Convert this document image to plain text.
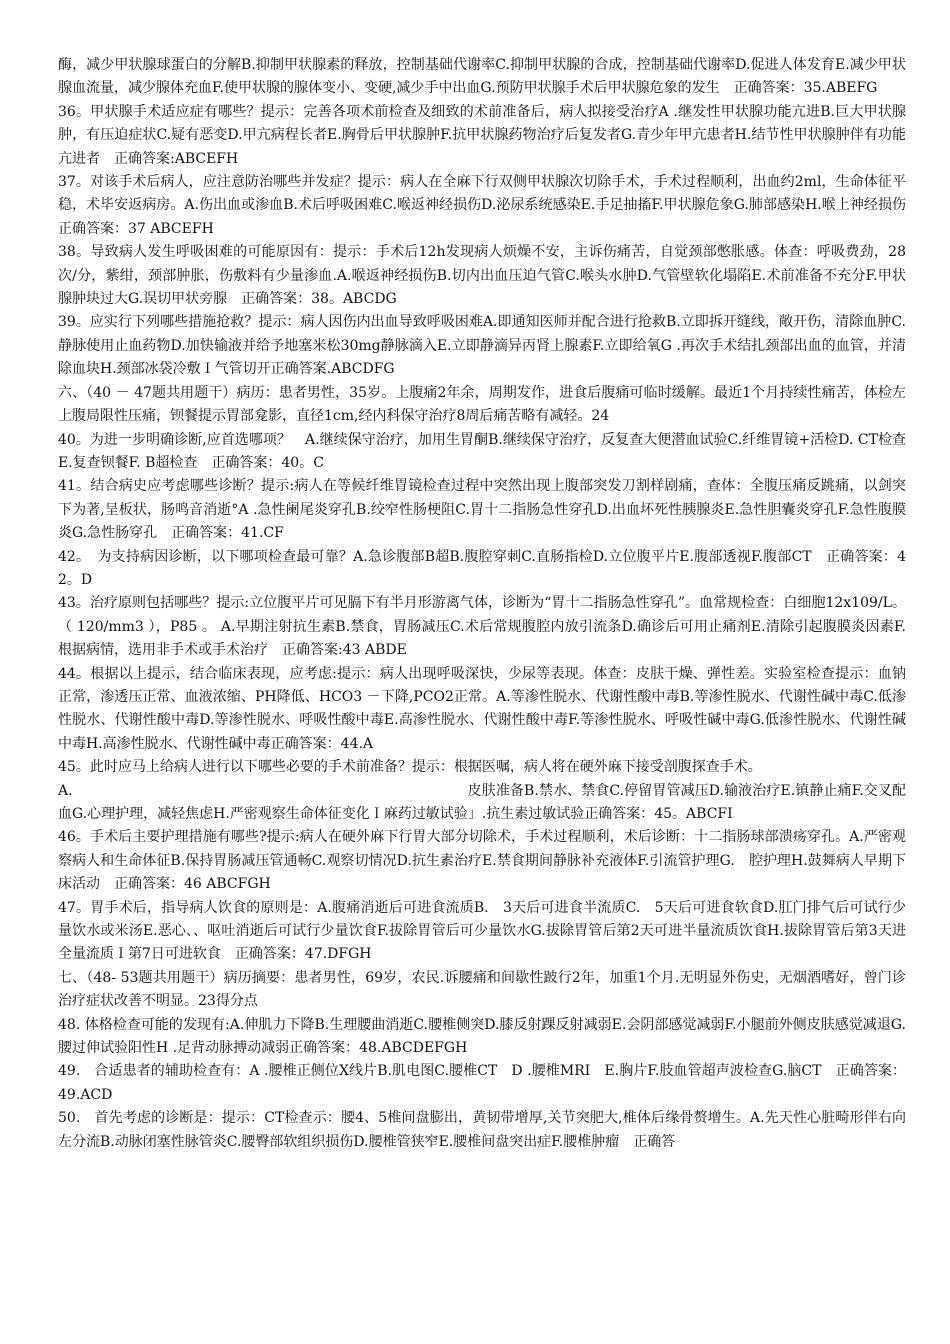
酶，减少甲状腺球蛋白的分解B.抑制甲状腺素的释放，控制基础代谢率C.抑制甲状腺的合成，控制基础代谢率D.促进人体发育E.减少甲状腺血流量，减少腺体充血F.使甲状腺的腺体变小、变硬,减少手中出血G.预防甲状腺手术后甲状腺危象的发生　正确答案：35.ABEFG

36。甲状腺手术适应症有哪些？提示：完善各项术前检查及细致的术前准备后，病人拟接受治疗A .继发性甲状腺功能亢进B.巨大甲状腺肿，有压迫症状C.疑有恶变D.甲亢病程长者E.胸骨后甲状腺肿F.抗甲状腺药物治疗后复发者G.青少年甲亢患者H.结节性甲状腺肿伴有功能亢进者　正确答案:ABCEFH

37。对该手术后病人，应注意防治哪些并发症？提示：病人在全麻下行双侧甲状腺次切除手术，手术过程顺利，出血约2ml，生命体征平稳，术毕安返病房。A.伤出血或渗血B.术后呼吸困难C.喉返神经损伤D.泌尿系统感染E.手足抽搐F.甲状腺危象G.肺部感染H.喉上神经损伤　正确答案：37 ABCEFH

38。导致病人发生呼吸困难的可能原因有：提示：手术后12h发现病人烦燥不安，主诉伤痛苦，自觉颈部憋胀感。体查：呼吸费劲，28次/分，紫绀，颈部肿胀，伤敷料有少量渗血.A.喉返神经损伤B.切内出血压迫气管C.喉头水肿D.气管壁软化塌陷E.术前准备不充分F.甲状腺肿块过大G.误切甲状旁腺　正确答案：38。ABCDG

39。应实行下列哪些措施抢救？提示：病人因伤内出血导致呼吸困难A.即通知医师并配合进行抢救B.立即拆开缝线，敞开伤，清除血肿C.静脉使用止血药物D.加快输液并给予地塞米松30mg静脉滴入E.立即静滴异丙肾上腺素F.立即给氧G .再次手术结扎颈部出血的血管，并清除血块H.颈部冰袋冷敷Ｉ气管切开正确答案.ABCDFG

六、（40 － 47题共用题干）病历：患者男性，35岁。上腹痛2年余，周期发作，进食后腹痛可临时缓解。最近1个月持续性痛苦，体检左上腹局限性压痛，钡餐提示胃部龛影，直径1cm,经内科保守治疗8周后痛苦略有减轻。24

40。为进一步明确诊断,应首选哪项？　A.继续保守治疗，加用生胃酮B.继续保守治疗，反复查大便潜血试验C.纤维胃镜+活检D. CT检查E.复查钡餐F. B超检查　正确答案：40。C

41。结合病史应考虑哪些诊断？提示:病人在等候纤维胃镜检查过程中突然出现上腹部突发刀割样剧痛，查体：全腹压痛反跳痛，以剑突下为著,呈板状，肠鸣音消逝°A .急性阑尾炎穿孔B.绞窄性肠梗阻C.胃十二指肠急性穿孔D.出血坏死性胰腺炎E.急性胆囊炎穿孔F.急性腹膜炎G.急性肠穿孔　正确答案：41.CF

42。　为支持病因诊断，以下哪项检查最可靠？A.急诊腹部B超B.腹腔穿刺C.直肠指检D.立位腹平片E.腹部透视F.腹部CT　正确答案：42。D

43。治疗原则包括哪些？提示:立位腹平片可见膈下有半月形游离气体，诊断为“胃十二指肠急性穿孔”。血常规检查：白细胞12x109/L。（ 120/mm3 ），P85 。 A.早期注射抗生素B.禁食，胃肠减压C.术后常规腹腔内放引流条D.确诊后可用止痛剂E.清除引起腹膜炎因素F.根据病情，选用非手术或手术治疗　正确答案:43 ABDE

44。根据以上提示，结合临床表现，应考虑:提示：病人出现呼吸深快，少尿等表现。体查：皮肤干燥、弹性差。实验室检查提示：血钠正常，渗透压正常、血液浓缩、PH降低、HCO3 －下降,PCO2正常。A.等渗性脱水、代谢性酸中毒B.等渗性脱水、代谢性碱中毒C.低渗性脱水、代谢性酸中毒D.等渗性脱水、呼吸性酸中毒E.高渗性脱水、代谢性酸中毒F.等渗性脱水、呼吸性碱中毒G.低渗性脱水、代谢性碱中毒H.高渗性脱水、代谢性碱中毒正确答案：44.A

45。此时应马上给病人进行以下哪些必要的手术前准备？提示：根据医嘱，病人将在硬外麻下接受剖腹探查手术。

A.　　　　　　　　　　　　　　　　　　　　　　　　　　　　皮肤准备B.禁水、禁食C.停留胃管减压D.输液治疗E.镇静止痛F.交叉配血G.心理护理，减轻焦虑H.严密观察生命体征变化Ｉ麻药过敏试验」.抗生素过敏试验正确答案：45。ABCFI

46。手术后主要护理措施有哪些?提示:病人在硬外麻下行胃大部分切除术，手术过程顺利，术后诊断：十二指肠球部溃疡穿孔。A.严密观察病人和生命体征B.保持胃肠减压管通畅C.观察切情况D.抗生素治疗E.禁食期间静脉补充液体F.引流管护理G.　腔护理H.鼓舞病人早期下床活动　正确答案：46 ABCFGH

47。胃手术后，指导病人饮食的原则是：A.腹痛消逝后可进食流质B.　3天后可进食半流质C.　5天后可进食软食D.肛门排气后可试行少量饮水或米汤E.恶心、、呕吐消逝后可试行少量饮食F.拔除胃管后可少量饮水G.拔除胃管后第2天可进半量流质饮食H.拔除胃管后第3天进全量流质Ｉ第7日可进软食　正确答案：47.DFGH

七、（48- 53题共用题干）病历摘要：患者男性，69岁，农民.诉腰痛和间歇性跛行2年，加重1个月.无明显外伤史，无烟酒嗜好，曾门诊治疗症状改善不明显。23得分点

48. 体格检查可能的发现有:A.伸肌力下降B.生理腰曲消逝C.腰椎侧突D.膝反射踝反射减弱E.会阴部感觉减弱F.小腿前外侧皮肤感觉减退G.腰过伸试验阳性H .足背动脉搏动减弱正确答案：48.ABCDEFGH

49.　合适患者的辅助检查有：A .腰椎正侧位X线片B.肌电图C.腰椎CT　D .腰椎MRI　E.胸片F.肢血管超声波检查G.脑CT　正确答案：49.ACD

50.　首先考虑的诊断是：提示：CT检查示：腰4、5椎间盘膨出，黄韧带增厚,关节突肥大,椎体后缘骨赘增生。A.先天性心脏畸形伴右向左分流B.动脉闭塞性脉管炎C.腰臀部软组织损伤D.腰椎管狭窄E.腰椎间盘突出症F.腰椎肿瘤　正确答
